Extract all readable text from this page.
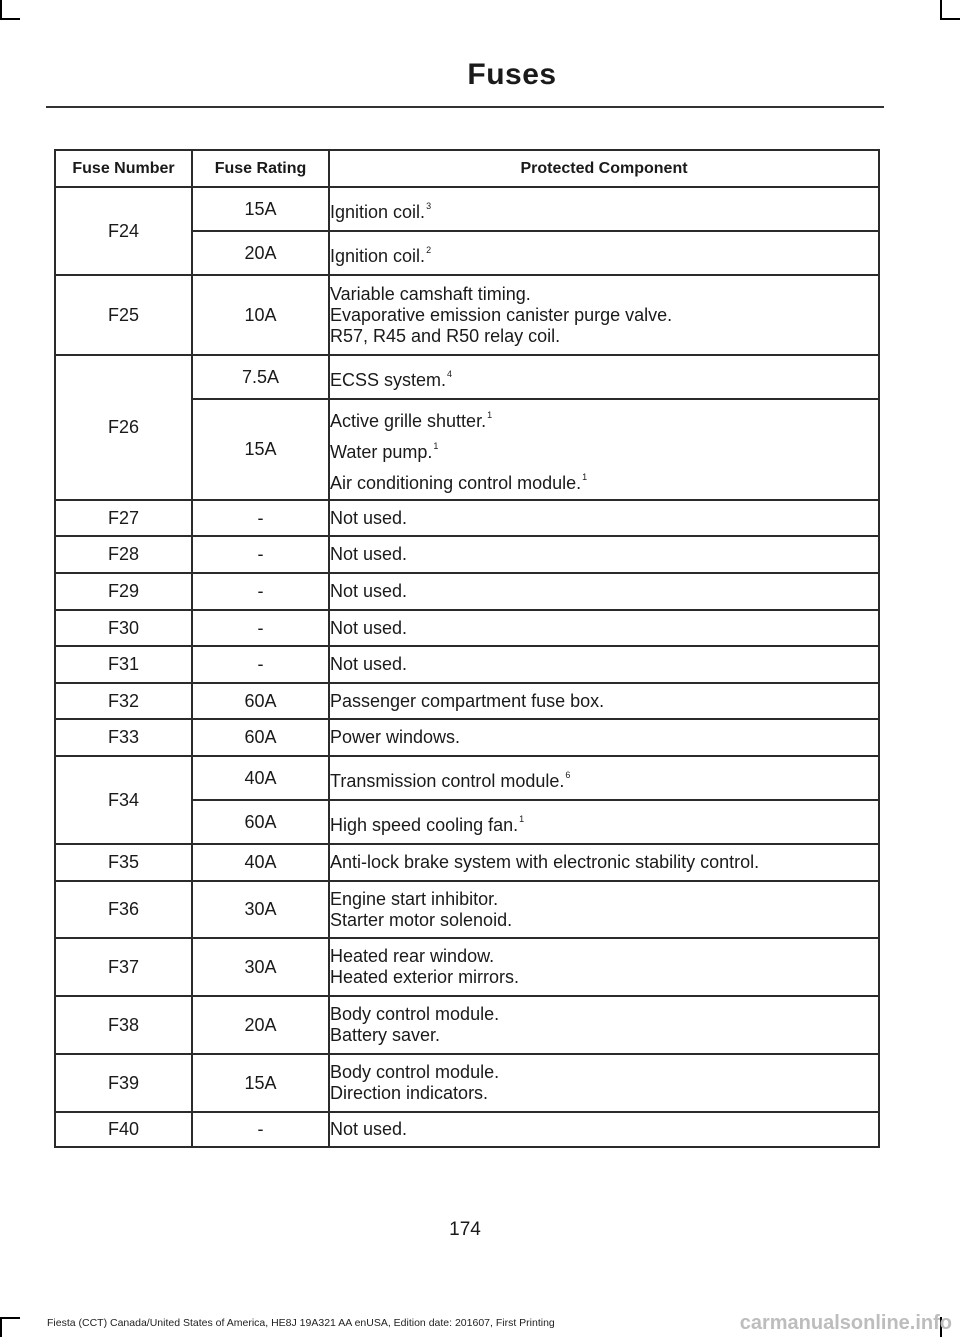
Fuses
Fuse Number	Fuse Rating	Protected Component
F24	15A	Ignition coil.$^3$

	20A	Ignition coil.$^2$

F25	10A	Variable camshaft timing.
Evaporative emission canister purge valve.
R57, R45 and R50 relay coil.

F26	7.5A	ECSS system.$^4$

	15A	Active grille shutter.$^1$
Water pump.$^1$
Air conditioning control module.$^1$

F27	-	Not used.

F28	-	Not used.

F29	-	Not used.

F30	-	Not used.

F31	-	Not used.

F32	60A	Passenger compartment fuse box.

F33	60A	Power windows.

F34	40A	Transmission control module.$^6$

	60A	High speed cooling fan.$^1$

F35	40A	Anti-lock brake system with electronic stability control.

F36	30A	Engine start inhibitor.
Starter motor solenoid.

F37	30A	Heated rear window.
Heated exterior mirrors.

F38	20A	Body control module.
Battery saver.

F39	15A	Body control module.
Direction indicators.

F40	-	Not used.
174
Fiesta (CCT) Canada/United States of America, HE8J 19A321 AA enUSA, Edition date: 201607, First Printing	carmanualsonline.info
